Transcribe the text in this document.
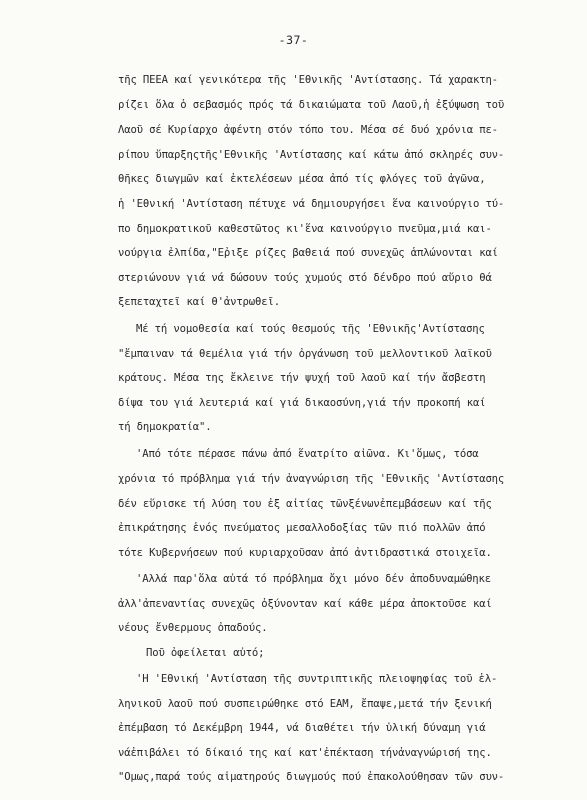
-37-
τῆς ΠΕΕΑ καί γενικότερα τῆς 'Εθνικῆς 'Αντίστασης. Τά χαρακτη-
ρίζει ὅλα ὁ σεβασμός πρός τά δικαιώματα τοῦ Λαοῦ,ἡ ἐξύψωση τοῦ
Λαοῦ σέ Κυρίαρχο ἀφέντη στόν τόπο του. Μέσα σέ δυό χρόνια πε-
ρίπου ὕπαρξηςτῆς'Εθνικῆς 'Αντίστασης καί κάτω ἀπό σκληρές συν-
θῆκες διωγμῶν καί ἐκτελέσεων μέσα ἀπό τίς φλόγες τοῦ ἀγῶνα,
ἡ 'Εθνική 'Αντίσταση πέτυχε νά δημιουργήσει ἕνα καινούργιο τύ-
πο δημοκρατικοῦ καθεστῶτος κι'ἕνα καινούργιο πνεῦμα,μιά και-
νούργια ἐλπίδα,"Εῤιξε ρίζες βαθειά πού συνεχῶς ἁπλώνονται καί
στεριώνουν γιά νά δώσουν τούς χυμούς στό δένδρο πού αὔριο θά
ξεπεταχτεῖ καί θ'ἀντρωθεῖ.
Μέ τή νομοθεσία καί τούς θεσμούς τῆς 'Εθνικῆς'Αντίστασης
"ἔμπαιναν τά θεμέλια γιά τήν ὀργάνωση τοῦ μελλοντικοῦ λαϊκοῦ
κράτους. Μέσα της ἔκλεινε τήν ψυχή τοῦ λαοῦ καί τήν ἄσβεστη
δίψα του γιά λευτεριά καί γιά δικαοσύνη,γιά τήν προκοπή καί
τή δημοκρατία".
'Από τότε πέρασε πάνω ἀπό ἕνατρίτο αἰῶνα. Κι'ὅμως, τόσα
χρόνια τό πρόβλημα γιά τήν ἀναγνώριση τῆς 'Εθνικῆς 'Αντίστασης
δέν εὕρισκε τή λύση του ἐξ αἰτίας τῶνξένωνἐπεμβάσεων καί τῆς
ἐπικράτησης ἑνός πνεύματος μεσαλλοδοξίας τῶν πιό πολλῶν ἀπό
τότε Κυβερνήσεων πού κυριαρχοῦσαν ἀπό ἀντιδραστικά στοιχεῖα.
'Αλλά παρ'ὅλα αὐτά τό πρόβλημα ὄχι μόνο δέν ἀποδυναμώθηκε
ἀλλ'ἀπεναντίας συνεχῶς ὀξύνονταν καί κάθε μέρα ἀποκτοῦσε καί
νέους ἔνθερμους ὀπαδούς.
Ποῦ ὀφείλεται αὐτό;
'Η 'Εθνική 'Αντίσταση τῆς συντριπτικῆς πλειοψηφίας τοῦ ἑλ-
ληνικοῦ λαοῦ πού συσπειρώθηκε στό ΕΑΜ, ἔπαψε,μετά τήν ξενική
ἐπέμβαση τό Δεκέμβρη 1944, νά διαθέτει τήν ὑλική δύναμη γιά
νάἐπιβάλει τό δίκαιό της καί κατ'ἐπέκταση τήνἀναγνώρισή της.
"Ομως,παρά τούς αἱματηρούς διωγμούς πού ἐπακολούθησαν τῶν συν-
